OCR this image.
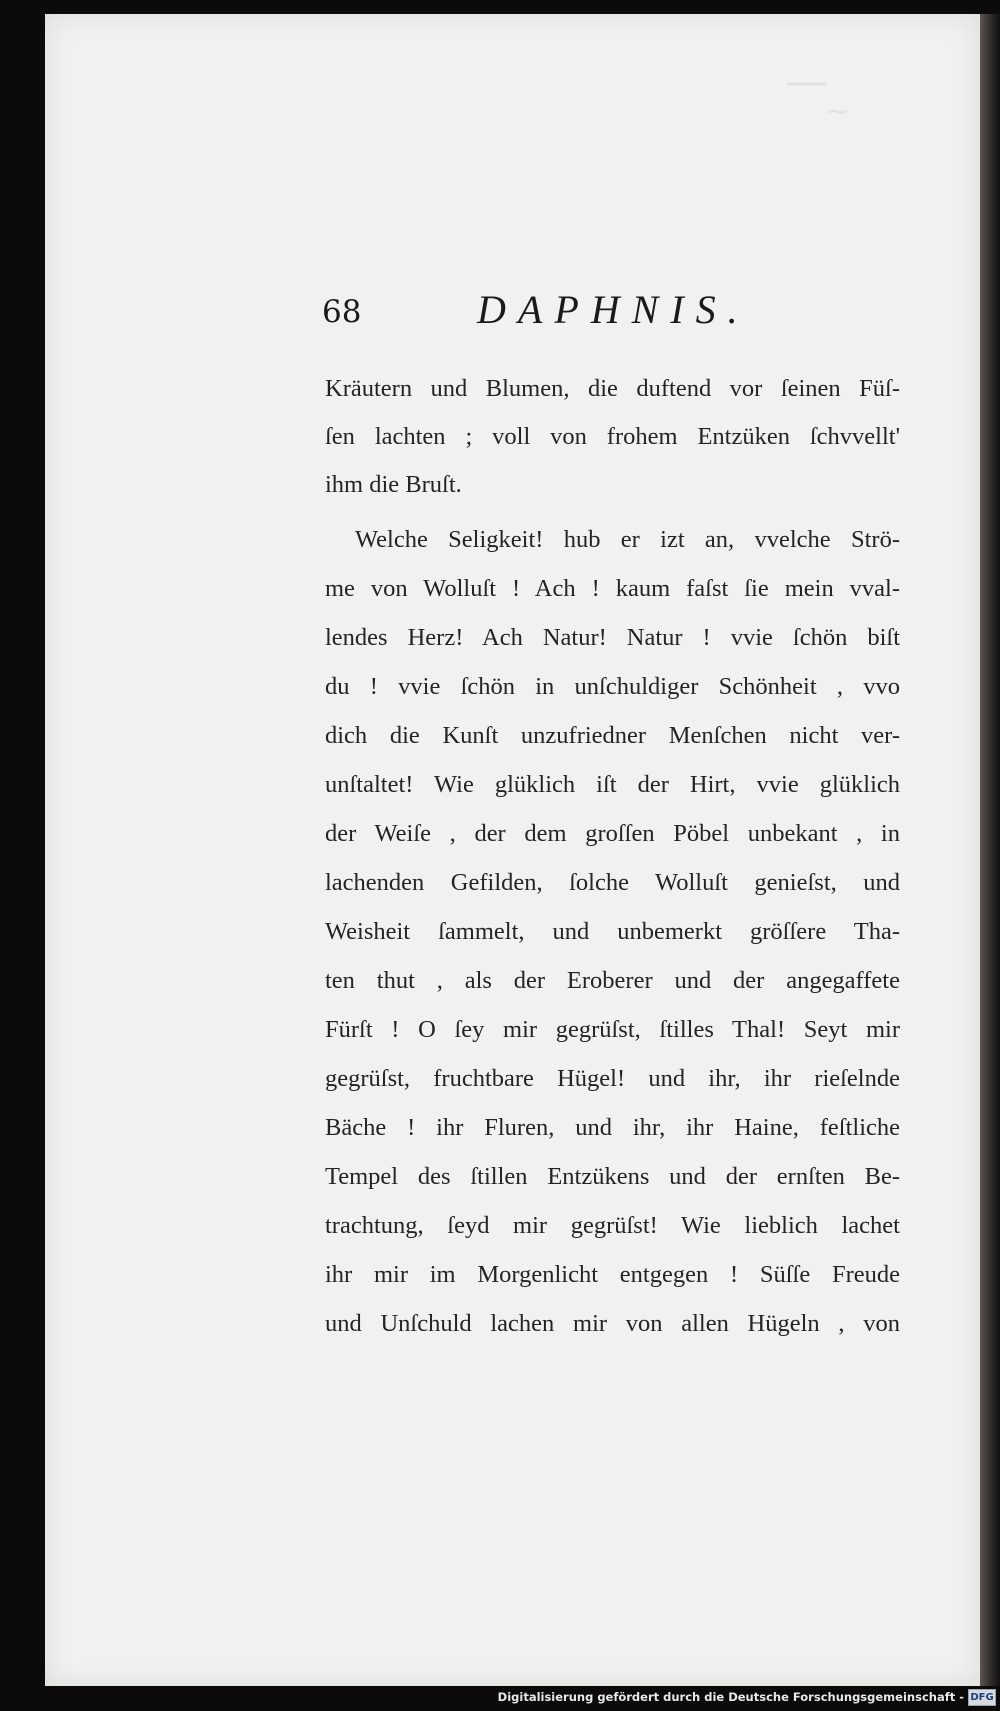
—
~
68	DAPHNIS.
Kräutern und Blumen, die duftend vor ſeinen Füſ-
ſen lachten ; voll von frohem Entzüken ſchvvellt'
ihm die Bruſt.
Welche Seligkeit! hub er izt an, vvelche Strö-
me von Wolluſt ! Ach ! kaum faſst ſie mein vval-
lendes Herz! Ach Natur! Natur ! vvie ſchön biſt
du ! vvie ſchön in unſchuldiger Schönheit , vvo
dich die Kunſt unzufriedner Menſchen nicht ver-
unſtaltet! Wie glüklich iſt der Hirt, vvie glüklich
der Weiſe , der dem groſſen Pöbel unbekant , in
lachenden Gefilden, ſolche Wolluſt genieſst, und
Weisheit ſammelt, und unbemerkt gröſſere Tha-
ten thut , als der Eroberer und der angegaffete
Fürſt ! O ſey mir gegrüſst, ſtilles Thal! Seyt mir
gegrüſst, fruchtbare Hügel! und ihr, ihr rieſelnde
Bäche ! ihr Fluren, und ihr, ihr Haine, feſtliche
Tempel des ſtillen Entzükens und der ernſten Be-
trachtung, ſeyd mir gegrüſst! Wie lieblich lachet
ihr mir im Morgenlicht entgegen ! Süſſe Freude
und Unſchuld lachen mir von allen Hügeln , von
Digitalisierung gefördert durch die Deutsche Forschungsgemeinschaft - DFG
